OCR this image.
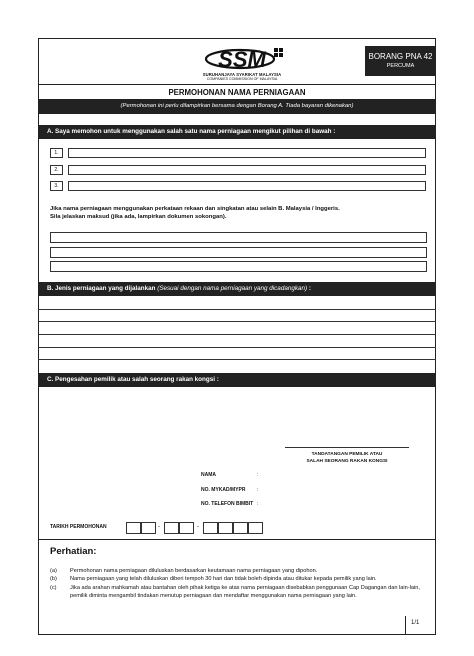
SSM
SURUHANJAYA SYARIKAT MALAYSIA
COMPANIES COMMISSION OF MALAYSIA
BORANG PNA 42
PERCUMA
PERMOHONAN NAMA PERNIAGAAN
(Permohonan ini perlu dilampirkan bersama dengan Borang A. Tiada bayaran dikenakan)
A. Saya memohon untuk menggunakan salah satu nama perniagaan mengikut pilihan di bawah :
1.
2.
3.
Jika nama perniagaan menggunakan perkataan rekaan dan singkatan atau selain B. Malaysia / Inggeris.
Sila jelaskan maksud (jika ada, lampirkan dokumen sokongan).
B. Jenis perniagaan yang dijalankan (Sesuai dengan nama perniagaan yang dicadangkan) :
C. Pengesahan pemilik atau salah seorang rakan kongsi :
TANDATANGAN PEMILIK ATAU
SALAH SEORANG RAKAN KONGSI
NAMA	:
NO. MYKAD/MYPR :
NO. TELEFON BIMBIT :
TARIKH PERMOHONAN	-	-
Perhatian:
(a)	Permohonan nama perniagaan diluluskan berdasarkan keutamaan nama perniagaan yang dipohon.
(b)	Nama perniagaan yang telah diluluskan diberi tempoh 30 hari dan tidak boleh dipinda atau ditukar kepada pemilik yang lain.
(c)	Jika ada arahan mahkamah atau bantahan oleh pihak ketiga ke atas nama perniagaan disebabkan penggunaan Cap Dagangan dan lain-lain, pemilik diminta mengambil tindakan menutup perniagaan dan mendaftar menggunakan nama perniagaan yang lain.
1/1
